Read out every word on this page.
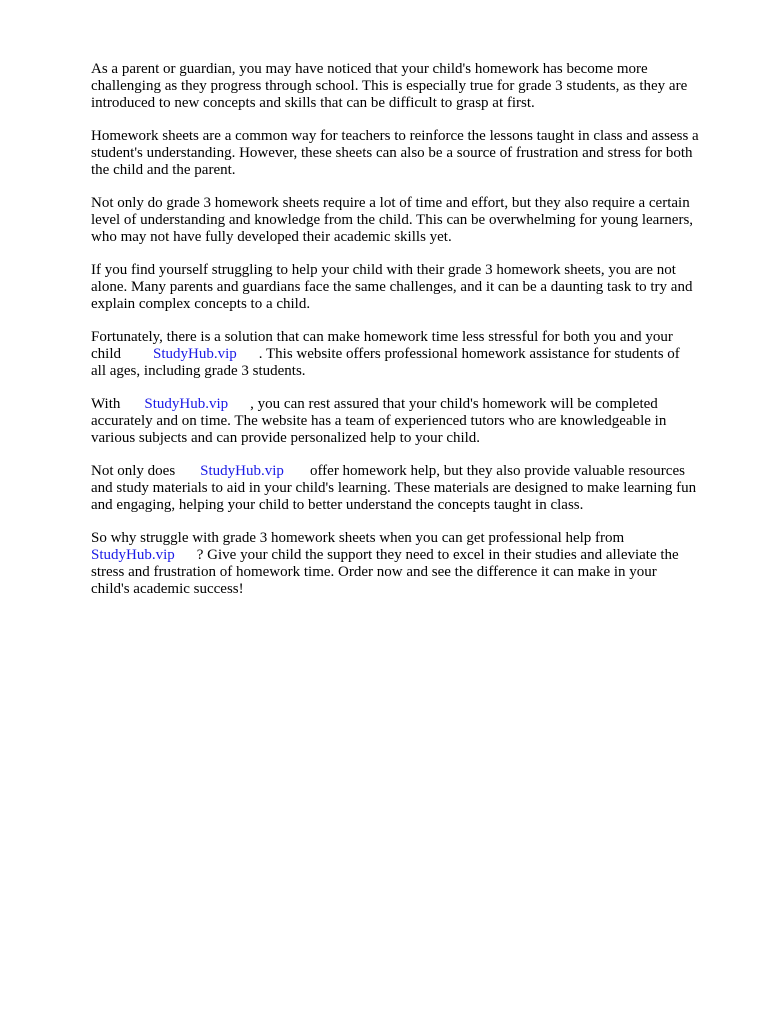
As a parent or guardian, you may have noticed that your child's homework has become more
challenging as they progress through school. This is especially true for grade 3 students, as they are
introduced to new concepts and skills that can be difficult to grasp at first.

Homework sheets are a common way for teachers to reinforce the lessons taught in class and assess a
student's understanding. However, these sheets can also be a source of frustration and stress for both
the child and the parent.

Not only do grade 3 homework sheets require a lot of time and effort, but they also require a certain
level of understanding and knowledge from the child. This can be overwhelming for young learners,
who may not have fully developed their academic skills yet.

If you find yourself struggling to help your child with their grade 3 homework sheets, you are not
alone. Many parents and guardians face the same challenges, and it can be a daunting task to try and
explain complex concepts to a child.

Fortunately, there is a solution that can make homework time less stressful for both you and your
child StudyHub.vip . This website offers professional homework assistance for students of
all ages, including grade 3 students.

With StudyHub.vip , you can rest assured that your child's homework will be completed
accurately and on time. The website has a team of experienced tutors who are knowledgeable in
various subjects and can provide personalized help to your child.

Not only does StudyHub.vip offer homework help, but they also provide valuable resources
and study materials to aid in your child's learning. These materials are designed to make learning fun
and engaging, helping your child to better understand the concepts taught in class.

So why struggle with grade 3 homework sheets when you can get professional help from
StudyHub.vip ? Give your child the support they need to excel in their studies and alleviate the
stress and frustration of homework time. Order now and see the difference it can make in your
child's academic success!
